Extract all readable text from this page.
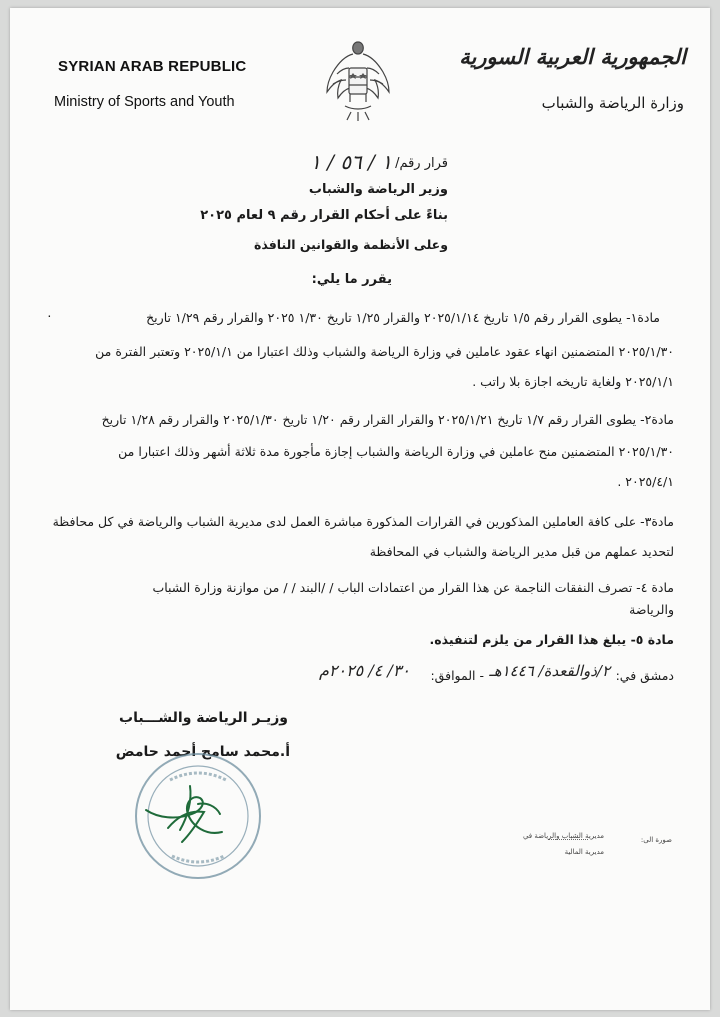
SYRIAN ARAB REPUBLIC
Ministry of Sports and Youth
الجمهورية العربية السورية
وزارة الرياضة والشباب
قرار رقم/
١ / ٥٦ / ١
وزير الرياضة والشباب
بناءً على أحكام القرار رقم ٩ لعام ٢٠٢٥
وعلى الأنظمة والقوانين النافذة
يقرر ما يلي:
مادة١- يطوى القرار رقم ١/٥ تاريخ ٢٠٢٥/١/١٤ والقرار ١/٢٥ تاريخ ١/٣٠ ٢٠٢٥ والقرار رقم ١/٢٩ تاريخ
٠
٢٠٢٥/١/٣٠ المتضمنين انهاء عقود عاملين في وزارة الرياضة والشباب وذلك اعتبارا من ٢٠٢٥/١/١ وتعتبر الفترة من
٢٠٢٥/١/١ ولغاية تاريخه اجازة بلا راتب .
مادة٢- يطوى القرار رقم ١/٧ تاريخ ٢٠٢٥/١/٢١ والقرار القرار رقم ١/٢٠ تاريخ ٢٠٢٥/١/٣٠ والقرار رقم ١/٢٨ تاريخ
٢٠٢٥/١/٣٠ المتضمنين منح عاملين في وزارة الرياضة والشباب إجازة مأجورة مدة ثلاثة أشهر وذلك اعتبارا من
٢٠٢٥/٤/١ .
مادة٣- على كافة العاملين المذكورين في القرارات المذكورة مباشرة العمل لدى مديرية الشباب والرياضة في كل محافظة
لتحديد عملهم من قبل مدير الرياضة والشباب في المحافظة
مادة ٤- تصرف النفقات الناجمة عن هذا القرار من اعتمادات الباب / /البند / / من موازنة وزارة الشباب
والرياضة
مادة ٥- يبلغ هذا القرار من يلزم لتنفيذه.
دمشق في:
٢/ذوالقعدة/ ١٤٤٦هـ
- الموافق:
٣٠/ ٤/ ٢٠٢٥م
وزيـر الرياضة والشـــباب
أ.محمد سامح أحمد حامض
صورة الى:
مديرية الشباب والرياضة في
مديرية المالية
